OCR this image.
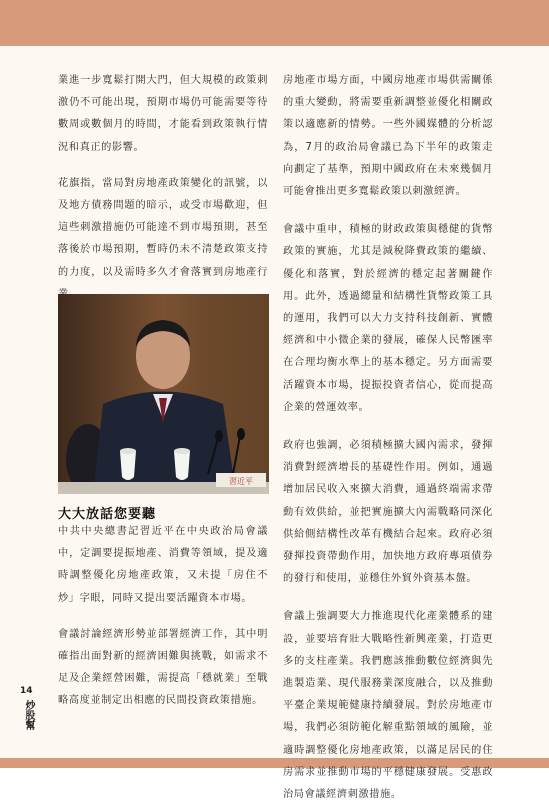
業進一步寬鬆打開大門，但大規模的政策刺激仍不可能出現，預期市場仍可能需要等待數周或數個月的時間，才能看到政策執行情況和真正的影響。

花旗指，當局對房地產政策變化的訊號，以及地方債務問題的暗示，或受市場歡迎，但這些刺激措施仍可能達不到市場預期，甚至落後於市場預期，暫時仍未不清楚政策支持的力度，以及需時多久才會落實到房地產行

習近平
大大放話您要聽

中共中央總書記習近平在中央政治局會議中，定調要提振地產、消費等領域，提及適時調整優化房地產政策，又未提「房住不炒」字眼，同時又提出要活躍資本市場。

會議討論經濟形勢並部署經濟工作，其中明確指出面對新的經濟困難與挑戰，如需求不足及企業經營困難，需提高「穩就業」至戰略高度並制定出相應的民間投資政策措施。

房地產市場方面，中國房地產市場供需關係的重大變動，將需要重新調整並優化相關政策以適應新的情勢。一些外國媒體的分析認為，7月的政治局會議已為下半年的政策走向劃定了基準，預期中國政府在未來幾個月可能會推出更多寬鬆政策以刺激經濟。

會議中重申，積極的財政政策與穩健的貨幣政策的實施，尤其是減稅降費政策的繼續、優化和落實，對於經濟的穩定起著關鍵作用。此外，透過總量和結構性貨幣政策工具的運用，我們可以大力支持科技創新、實體經濟和中小微企業的發展，確保人民幣匯率在合理均衡水準上的基本穩定。另方面需要活躍資本市場，提振投資者信心，從而提高企業的營運效率。

政府也強調，必須積極擴大國內需求，發揮消費對經濟增長的基礎性作用。例如，通過增加居民收入來擴大消費，通過終端需求帶動有效供給，並把實施擴大內需戰略同深化供給側結構性改革有機結合起來。政府必須發揮投資帶動作用，加快地方政府專項債券的發行和使用，並穩住外貿外資基本盤。

會議上強調要大力推進現代化產業體系的建設，並要培育壯大戰略性新興產業，打造更多的支柱產業。我們應該推動數位經濟與先進製造業、現代服務業深度融合，以及推動平臺企業規範健康持續發展。對於房地產市場，我們必須防範化解重點領域的風險，並適時調整優化房地產政策，以滿足居民的住房需求並推動市場的平穩健康發展。受惠政治局會議經濟刺激措施。

14
炒股幫
